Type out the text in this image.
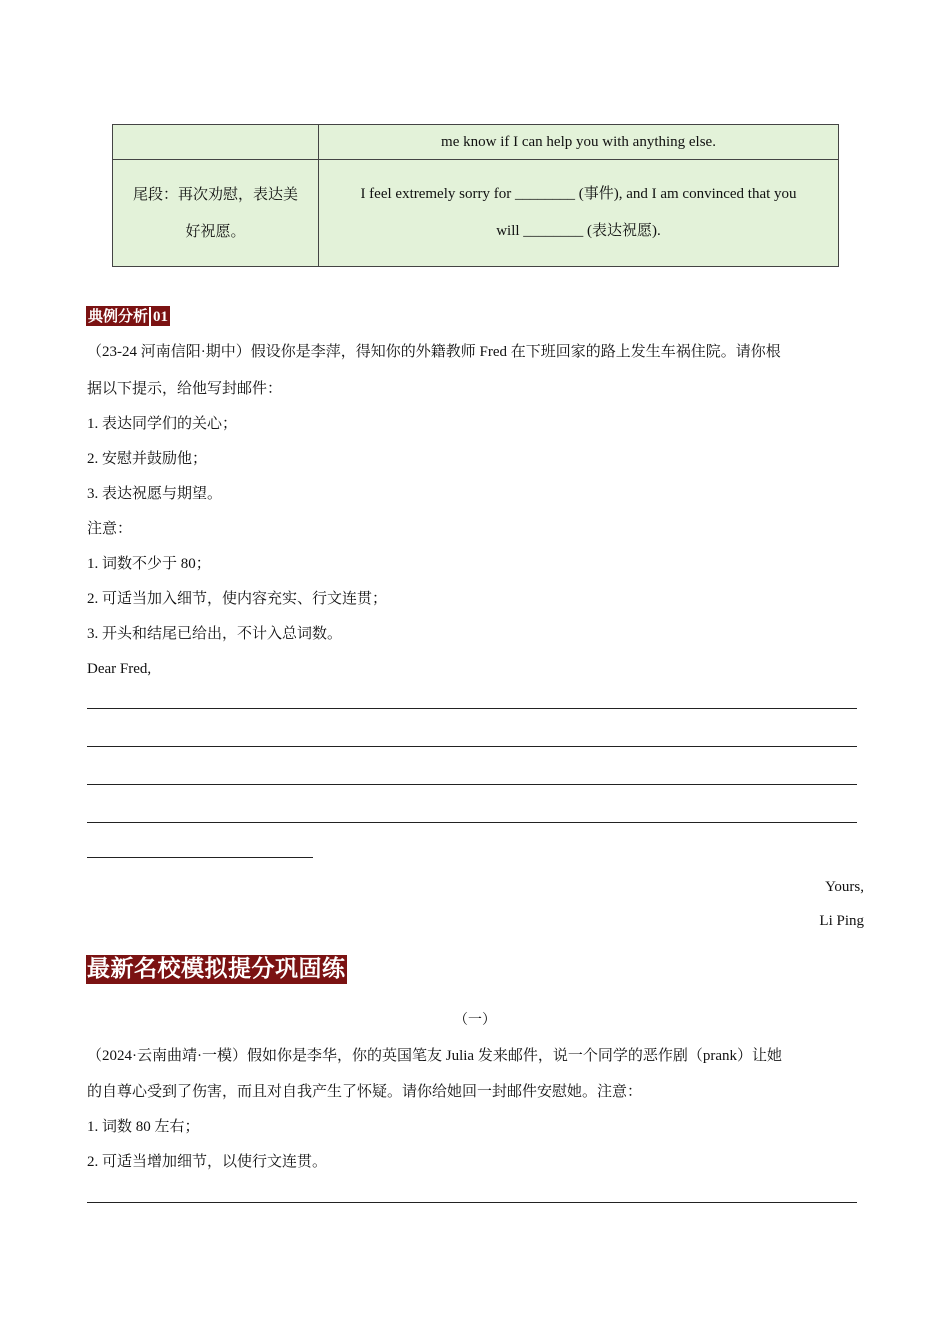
	me know if I can help you with anything else.
尾段：再次劝慰，表达美
好祝愿。	I feel extremely sorry for ________ (事件), and I am convinced that you
will ________ (表达祝愿).
典例分析 01
（23-24 河南信阳·期中）假设你是李萍，得知你的外籍教师 Fred 在下班回家的路上发生车祸住院。请你根
据以下提示，给他写封邮件：
1. 表达同学们的关心；
2. 安慰并鼓励他；
3. 表达祝愿与期望。
注意：
1. 词数不少于 80；
2. 可适当加入细节，使内容充实、行文连贯；
3. 开头和结尾已给出，不计入总词数。
Dear Fred,
Yours,
Li Ping
最新名校模拟提分巩固练
（一）
（2024·云南曲靖·一模）假如你是李华，你的英国笔友 Julia 发来邮件，说一个同学的恶作剧（prank）让她
的自尊心受到了伤害，而且对自我产生了怀疑。请你给她回一封邮件安慰她。注意：
1. 词数 80 左右；
2. 可适当增加细节，以使行文连贯。
